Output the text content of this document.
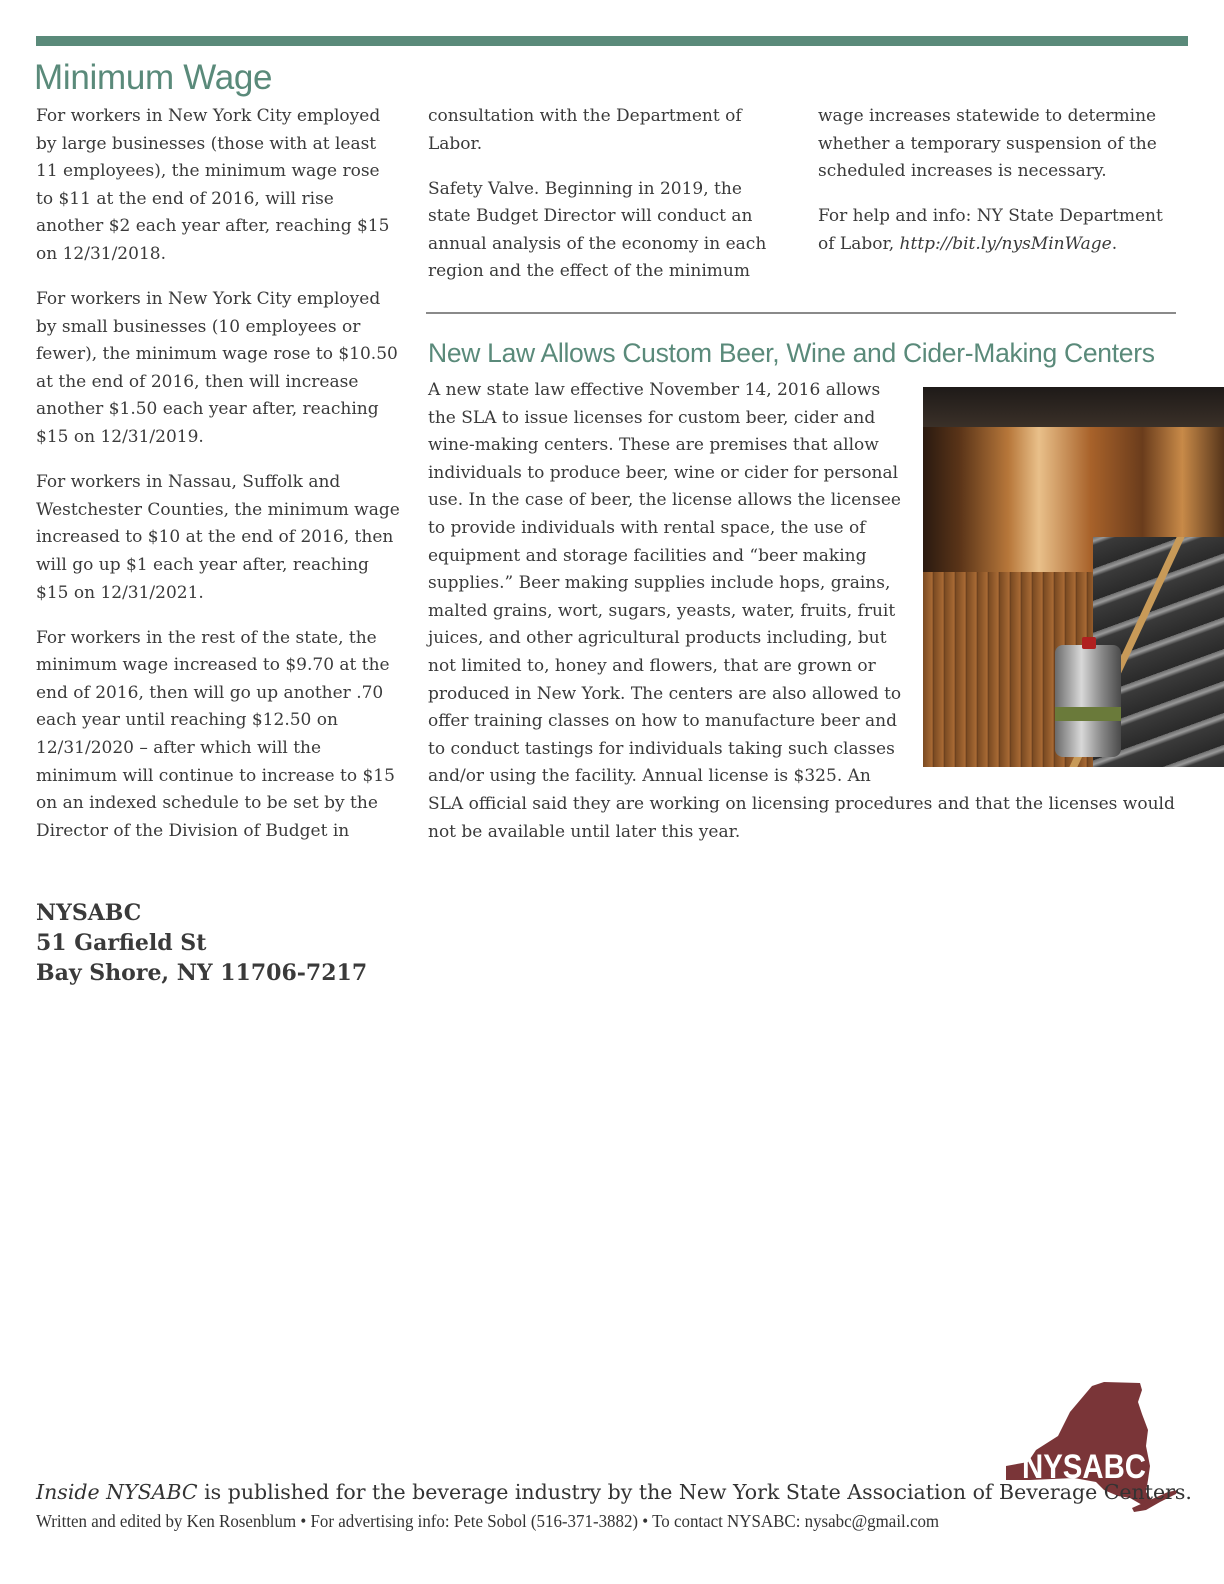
Minimum Wage

For workers in New York City employed by large businesses (those with at least 11 employees), the minimum wage rose to $11 at the end of 2016, will rise another $2 each year after, reaching $15 on 12/31/2018.

For workers in New York City employed by small businesses (10 employees or fewer), the minimum wage rose to $10.50 at the end of 2016, then will increase another $1.50 each year after, reaching $15 on 12/31/2019.

For workers in Nassau, Suffolk and Westchester Counties, the minimum wage increased to $10 at the end of 2016, then will go up $1 each year after, reaching $15 on 12/31/2021.

For workers in the rest of the state, the minimum wage increased to $9.70 at the end of 2016, then will go up another .70 each year until reaching $12.50 on 12/31/2020 – after which will the minimum will continue to increase to $15 on an indexed schedule to be set by the Director of the Division of Budget in

consultation with the Department of Labor.

Safety Valve. Beginning in 2019, the state Budget Director will conduct an annual analysis of the economy in each region and the effect of the minimum

wage increases statewide to determine whether a temporary suspension of the scheduled increases is necessary.

For help and info: NY State Department of Labor, http://bit.ly/nysMinWage.

New Law Allows Custom Beer, Wine and Cider-Making Centers

A new state law effective November 14, 2016 allows the SLA to issue licenses for custom beer, cider and wine-making centers. These are premises that allow individuals to produce beer, wine or cider for personal use. In the case of beer, the license allows the licensee to provide individuals with rental space, the use of equipment and storage facilities and “beer making supplies.” Beer making supplies include hops, grains, malted grains, wort, sugars, yeasts, water, fruits, fruit juices, and other agricultural products including, but not limited to, honey and flowers, that are grown or produced in New York. The centers are also allowed to offer training classes on how to manufacture beer and to conduct tastings for individuals taking such classes and/or using the facility. Annual license is $325. An SLA official said they are working on licensing procedures and that the licenses would not be available until later this year.

NYSABC
51 Garfield St
Bay Shore, NY 11706-7217
NYSABC
Inside NYSABC is published for the beverage industry by the New York State Association of Beverage Centers.
Written and edited by Ken Rosenblum • For advertising info: Pete Sobol (516-371-3882) • To contact NYSABC: nysabc@gmail.com
